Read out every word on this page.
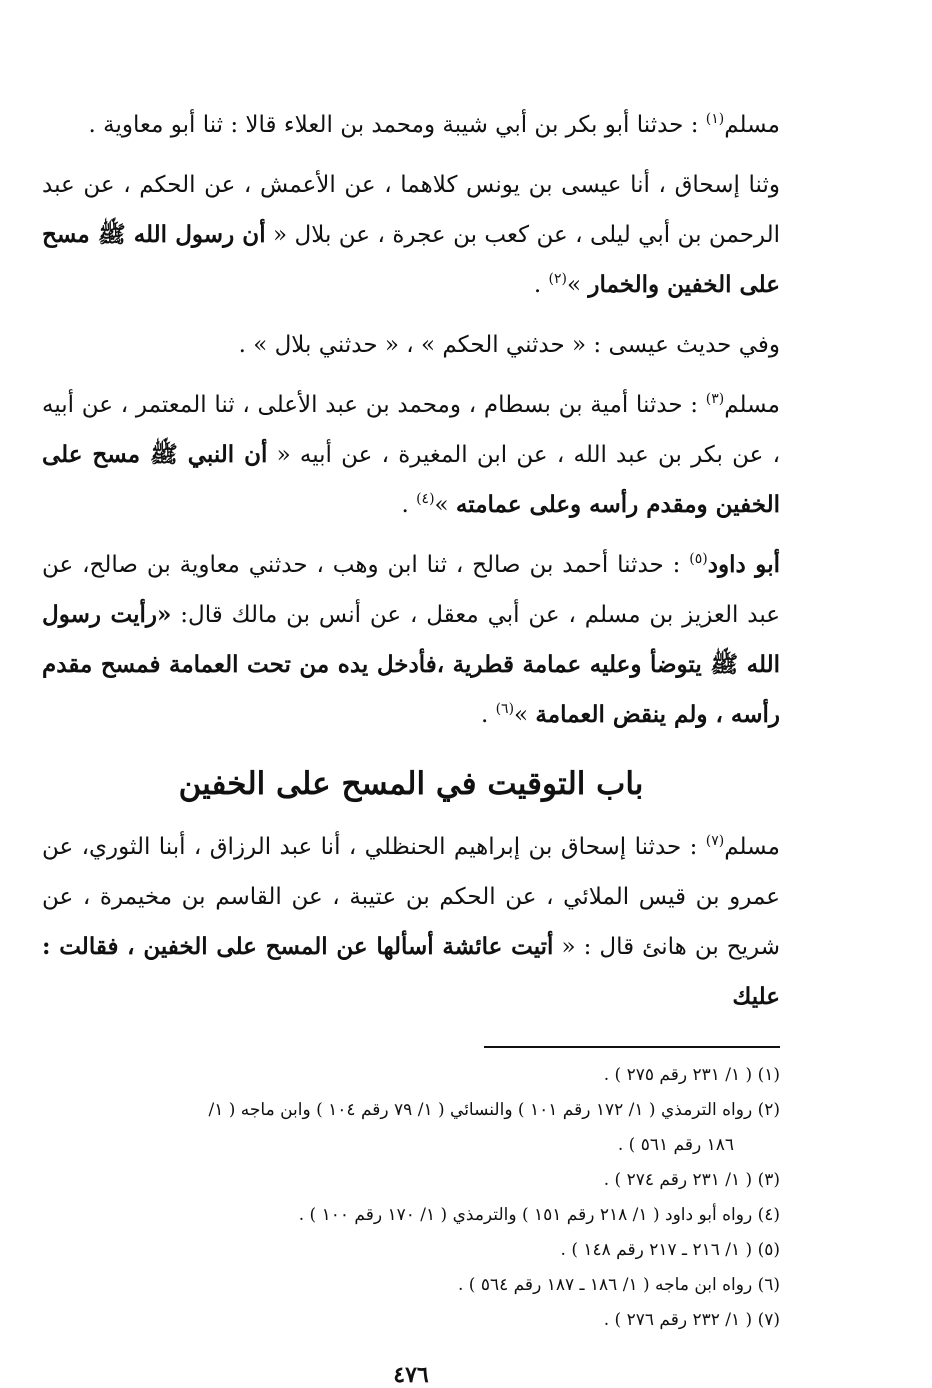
مسلم$^{(١)}$ : حدثنا أبو بكر بن أبي شيبة ومحمد بن العلاء قالا : ثنا أبو معاوية .

وثنا إسحاق ، أنا عيسى بن يونس كلاهما ، عن الأعمش ، عن الحكم ، عن عبد الرحمن بن أبي ليلى ، عن كعب بن عجرة ، عن بلال « أن رسول الله ﷺ مسح على الخفين والخمار »$^{(٢)}$ .

وفي حديث عيسى : « حدثني الحكم » ، « حدثني بلال » .

مسلم$^{(٣)}$ : حدثنا أمية بن بسطام ، ومحمد بن عبد الأعلى ، ثنا المعتمر ، عن أبيه ، عن بكر بن عبد الله ، عن ابن المغيرة ، عن أبيه « أن النبي ﷺ مسح على الخفين ومقدم رأسه وعلى عمامته »$^{(٤)}$ .

أبو داود$^{(٥)}$ : حدثنا أحمد بن صالح ، ثنا ابن وهب ، حدثني معاوية بن صالح، عن عبد العزيز بن مسلم ، عن أبي معقل ، عن أنس بن مالك قال: «رأيت رسول الله ﷺ يتوضأ وعليه عمامة قطرية ،فأدخل يده من تحت العمامة فمسح مقدم رأسه ، ولم ينقض العمامة »$^{(٦)}$ .

باب التوقيت في المسح على الخفين

مسلم$^{(٧)}$ : حدثنا إسحاق بن إبراهيم الحنظلي ، أنا عبد الرزاق ، أبنا الثوري، عن عمرو بن قيس الملائي ، عن الحكم بن عتيبة ، عن القاسم بن مخيمرة ، عن شريح بن هانئ قال : « أتيت عائشة أسألها عن المسح على الخفين ، فقالت : عليك

(١) ( ١/ ٢٣١ رقم ٢٧٥ ) .
(٢) رواه الترمذي ( ١/ ١٧٢ رقم ١٠١ ) والنسائي ( ١/ ٧٩ رقم ١٠٤ ) وابن ماجه ( ١/
١٨٦ رقم ٥٦١ ) .
(٣) ( ١/ ٢٣١ رقم ٢٧٤ ) .
(٤) رواه أبو داود ( ١/ ٢١٨ رقم ١٥١ ) والترمذي ( ١/ ١٧٠ رقم ١٠٠ ) .
(٥) ( ١/ ٢١٦ ـ ٢١٧ رقم ١٤٨ ) .
(٦) رواه ابن ماجه ( ١/ ١٨٦ ـ ١٨٧ رقم ٥٦٤ ) .
(٧) ( ١/ ٢٣٢ رقم ٢٧٦ ) .
٤٧٦
